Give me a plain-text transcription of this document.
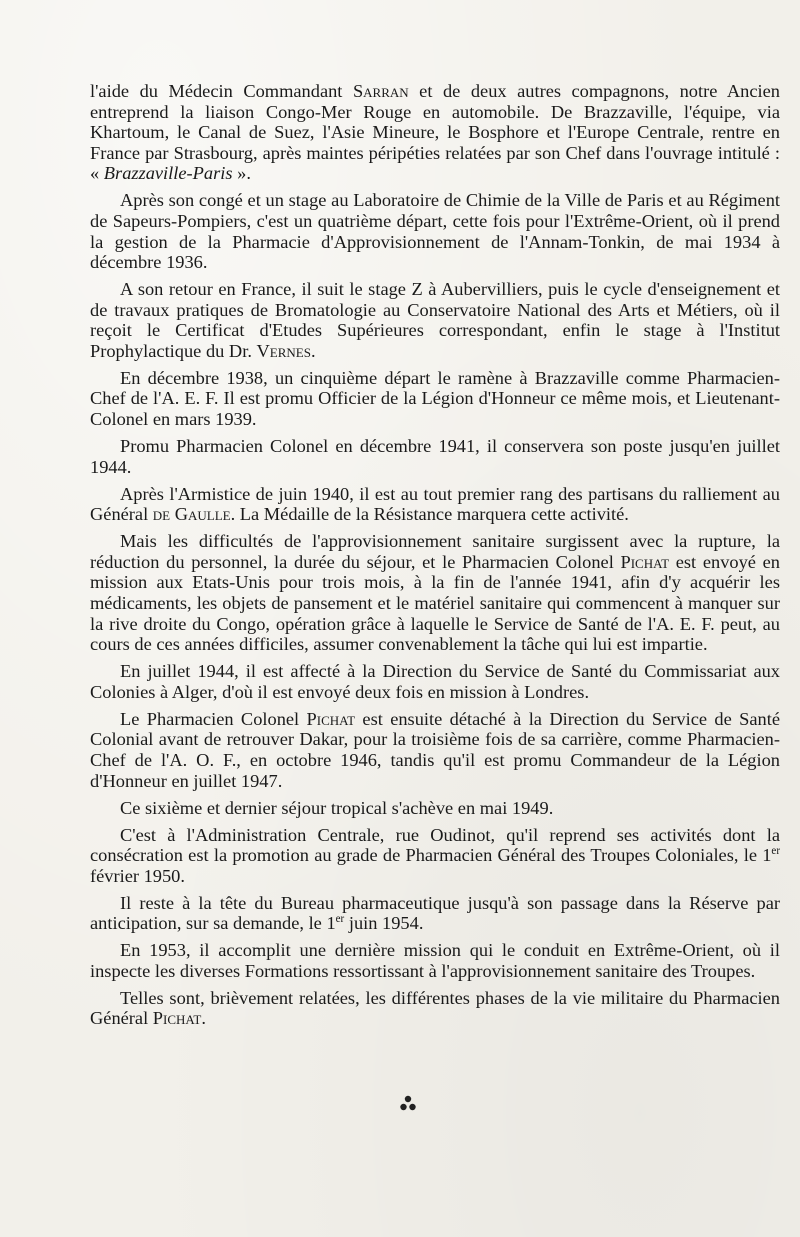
l'aide du Médecin Commandant Sarran et de deux autres compagnons, notre Ancien entreprend la liaison Congo-Mer Rouge en automobile. De Brazzaville, l'équipe, via Khartoum, le Canal de Suez, l'Asie Mineure, le Bosphore et l'Europe Centrale, rentre en France par Strasbourg, après maintes péripéties relatées par son Chef dans l'ouvrage intitulé : « Brazzaville-Paris ».

Après son congé et un stage au Laboratoire de Chimie de la Ville de Paris et au Régiment de Sapeurs-Pompiers, c'est un quatrième départ, cette fois pour l'Extrême-Orient, où il prend la gestion de la Pharmacie d'Approvisionnement de l'Annam-Tonkin, de mai 1934 à décembre 1936.

A son retour en France, il suit le stage Z à Aubervilliers, puis le cycle d'enseignement et de travaux pratiques de Bromatologie au Conservatoire National des Arts et Métiers, où il reçoit le Certificat d'Etudes Supérieures correspondant, enfin le stage à l'Institut Prophylactique du Dr. Vernes.

En décembre 1938, un cinquième départ le ramène à Brazzaville comme Pharmacien-Chef de l'A. E. F. Il est promu Officier de la Légion d'Honneur ce même mois, et Lieutenant-Colonel en mars 1939.

Promu Pharmacien Colonel en décembre 1941, il conservera son poste jusqu'en juillet 1944.

Après l'Armistice de juin 1940, il est au tout premier rang des partisans du ralliement au Général de Gaulle. La Médaille de la Résistance marquera cette activité.

Mais les difficultés de l'approvisionnement sanitaire surgissent avec la rupture, la réduction du personnel, la durée du séjour, et le Pharmacien Colonel Pichat est envoyé en mission aux Etats-Unis pour trois mois, à la fin de l'année 1941, afin d'y acquérir les médicaments, les objets de pansement et le matériel sanitaire qui commencent à manquer sur la rive droite du Congo, opération grâce à laquelle le Service de Santé de l'A. E. F. peut, au cours de ces années difficiles, assumer convenablement la tâche qui lui est impartie.

En juillet 1944, il est affecté à la Direction du Service de Santé du Commissariat aux Colonies à Alger, d'où il est envoyé deux fois en mission à Londres.

Le Pharmacien Colonel Pichat est ensuite détaché à la Direction du Service de Santé Colonial avant de retrouver Dakar, pour la troisième fois de sa carrière, comme Pharmacien-Chef de l'A. O. F., en octobre 1946, tandis qu'il est promu Commandeur de la Légion d'Honneur en juillet 1947.

Ce sixième et dernier séjour tropical s'achève en mai 1949.

C'est à l'Administration Centrale, rue Oudinot, qu'il reprend ses activités dont la consécration est la promotion au grade de Pharmacien Général des Troupes Coloniales, le 1er février 1950.

Il reste à la tête du Bureau pharmaceutique jusqu'à son passage dans la Réserve par anticipation, sur sa demande, le 1er juin 1954.

En 1953, il accomplit une dernière mission qui le conduit en Extrême-Orient, où il inspecte les diverses Formations ressortissant à l'approvisionnement sanitaire des Troupes.

Telles sont, brièvement relatées, les différentes phases de la vie militaire du Pharmacien Général Pichat.
